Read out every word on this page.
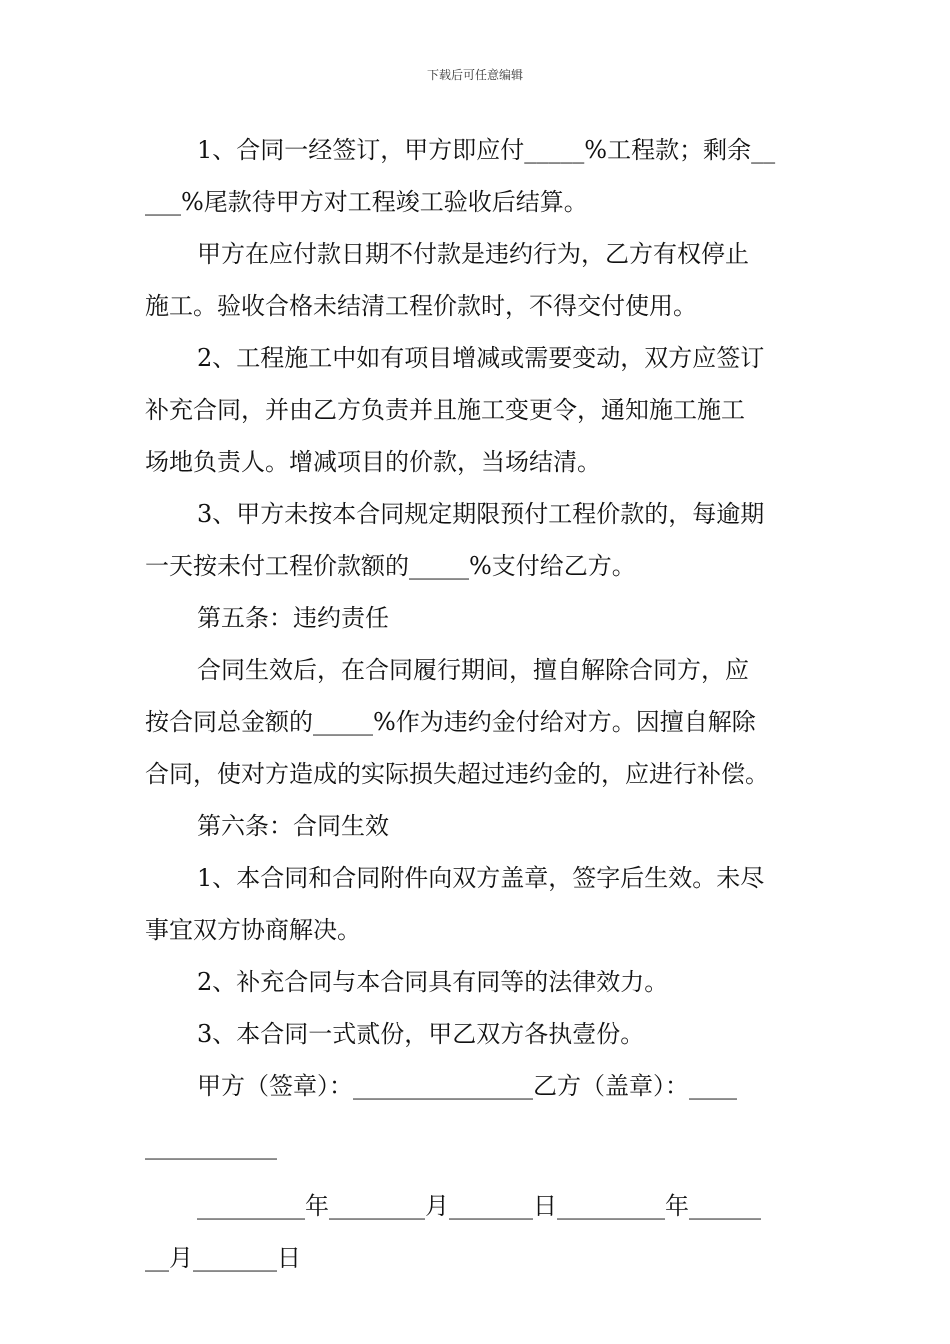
下载后可任意编辑
1、合同一经签订，甲方即应付_____%工程款；剩余__
___%尾款待甲方对工程竣工验收后结算。
甲方在应付款日期不付款是违约行为，乙方有权停止
施工。验收合格未结清工程价款时，不得交付使用。
2、工程施工中如有项目增减或需要变动，双方应签订
补充合同，并由乙方负责并且施工变更令，通知施工施工
场地负责人。增减项目的价款，当场结清。
3、甲方未按本合同规定期限预付工程价款的，每逾期
一天按未付工程价款额的_____%支付给乙方。
第五条：违约责任
合同生效后，在合同履行期间，擅自解除合同方，应
按合同总金额的_____%作为违约金付给对方。因擅自解除
合同，使对方造成的实际损失超过违约金的，应进行补偿。
第六条：合同生效
1、本合同和合同附件向双方盖章，签字后生效。未尽
事宜双方协商解决。
2、补充合同与本合同具有同等的法律效力。
3、本合同一式贰份，甲乙双方各执壹份。
甲方（签章）：_______________乙方（盖章）：____
___________
_________年________月_______日_________年______
__月_______日
